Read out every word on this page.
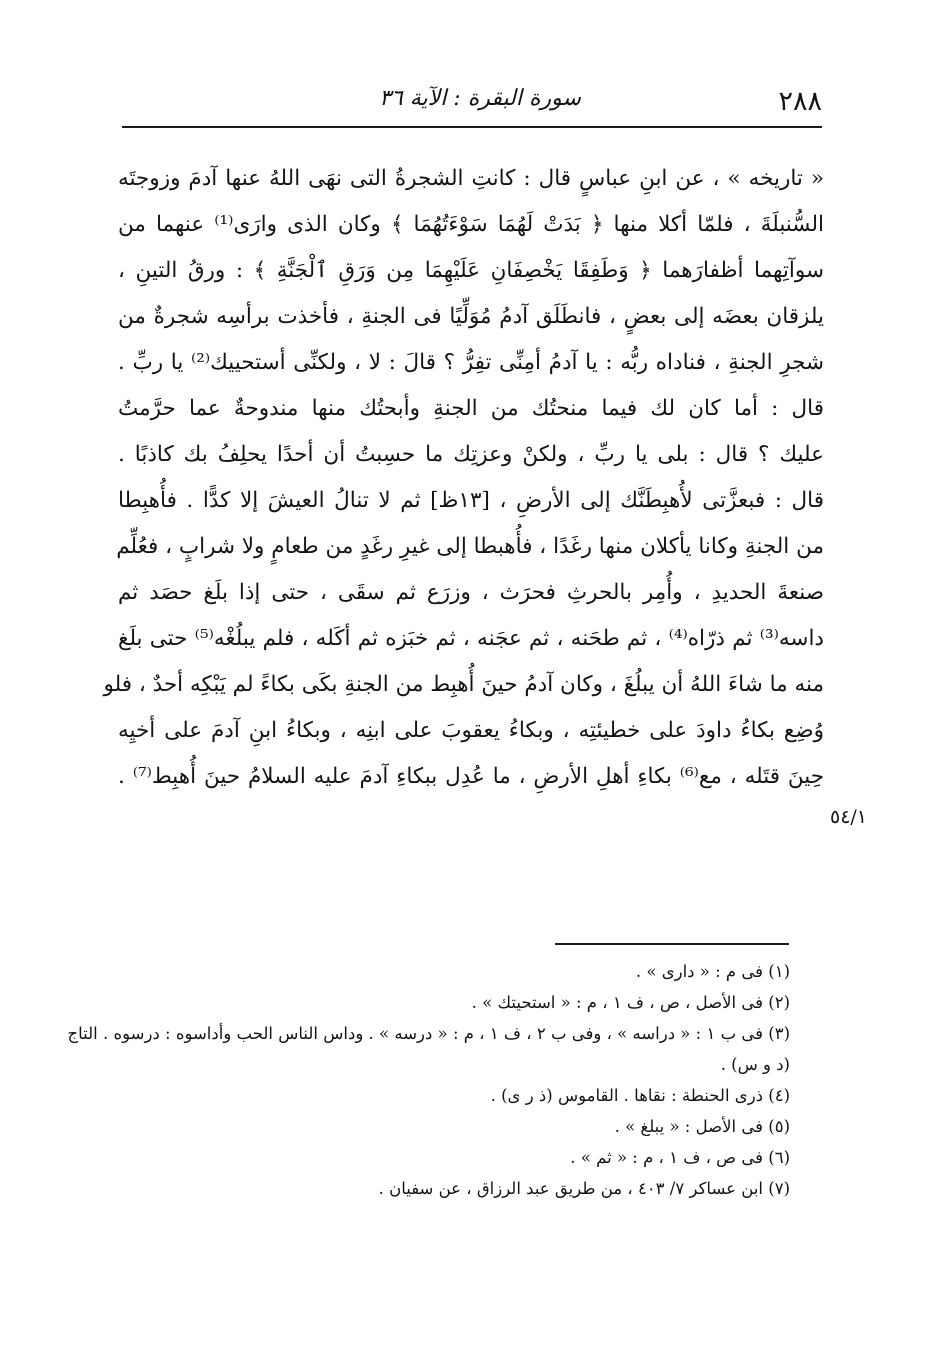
٢٨٨
سورة البقرة : الآية ٣٦
« تاريخه » ، عن ابنِ عباسٍ قال : كانتِ الشجرةُ التى نهَى اللهُ عنها آدمَ وزوجتَه
السُّنبلَةَ ، فلمّا أكلا منها ﴿ بَدَتْ لَهُمَا سَوْءَتُهُمَا ﴾ وكان الذى وارَى⁽¹⁾ عنهما من
سوآتِهما أظفارَهما ﴿ وَطَفِقَا يَخْصِفَانِ عَلَيْهِمَا مِن وَرَقِ ٱلْجَنَّةِ ﴾ : ورقُ التينِ ،
يلزقان بعضَه إلى بعضٍ ، فانطَلَق آدمُ مُوَلِّيًا فى الجنةِ ، فأخذت برأسِه شجرةٌ من
شجرِ الجنةِ ، فناداه ربُّه : يا آدمُ أمِنِّى تفِرُّ ؟ قالَ : لا ، ولكنِّى أستحييك⁽²⁾ يا ربِّ .
قال : أما كان لك فيما منحتُك من الجنةِ وأبحتُك منها مندوحةٌ عما حرَّمتُ
عليك ؟ قال : بلى يا ربِّ ، ولكنْ وعزتِك ما حسِبتُ أن أحدًا يحلِفُ بك كاذبًا .
قال : فبعزَّتى لأُهبِطَنَّك إلى الأرضِ ، [١٣ظ] ثم لا تنالُ العيشَ إلا كدًّا . فأُهبِطا
من الجنةِ وكانا يأكلان منها رغَدًا ، فأُهبطا إلى غيرِ رغَدٍ من طعامٍ ولا شرابٍ ، فعُلِّم
صنعةَ الحديدِ ، وأُمِر بالحرثِ فحرَث ، وزرَع ثم سقَى ، حتى إذا بلَغ حصَد ثم
داسه⁽³⁾ ثم ذرّاه⁽⁴⁾ ، ثم طحَنه ، ثم عجَنه ، ثم خبَزه ثم أكَله ، فلم يبلُغْه⁽⁵⁾ حتى بلَغ
منه ما شاءَ اللهُ أن يبلُغَ ، وكان آدمُ حينَ أُهبِط من الجنةِ بكَى بكاءً لم يَبْكِه أحدٌ ، فلو
وُضِع بكاءُ داودَ على خطيئتِه ، وبكاءُ يعقوبَ على ابنِه ، وبكاءُ ابنِ آدمَ على أخيِه
حِينَ قتَله ، مع⁽⁶⁾ بكاءِ أهلِ الأرضِ ، ما عُدِل ببكاءِ آدمَ عليه السلامُ حينَ أُهبِط⁽⁷⁾ .
٥٤/١
(١) فى م : « دارى » .
(٢) فى الأصل ، ص ، ف ١ ، م : « استحيتك » .
(٣) فى ب ١ : « دراسه » ، وفى ب ٢ ، ف ١ ، م : « درسه » . وداس الناس الحب وأداسوه : درسوه . التاج
(د و س) .
(٤) ذرى الحنطة : نقاها . القاموس (ذ ر ى) .
(٥) فى الأصل : « يبلغ » .
(٦) فى ص ، ف ١ ، م : « ثم » .
(٧) ابن عساكر ٧/ ٤٠٣ ، من طريق عبد الرزاق ، عن سفيان .
